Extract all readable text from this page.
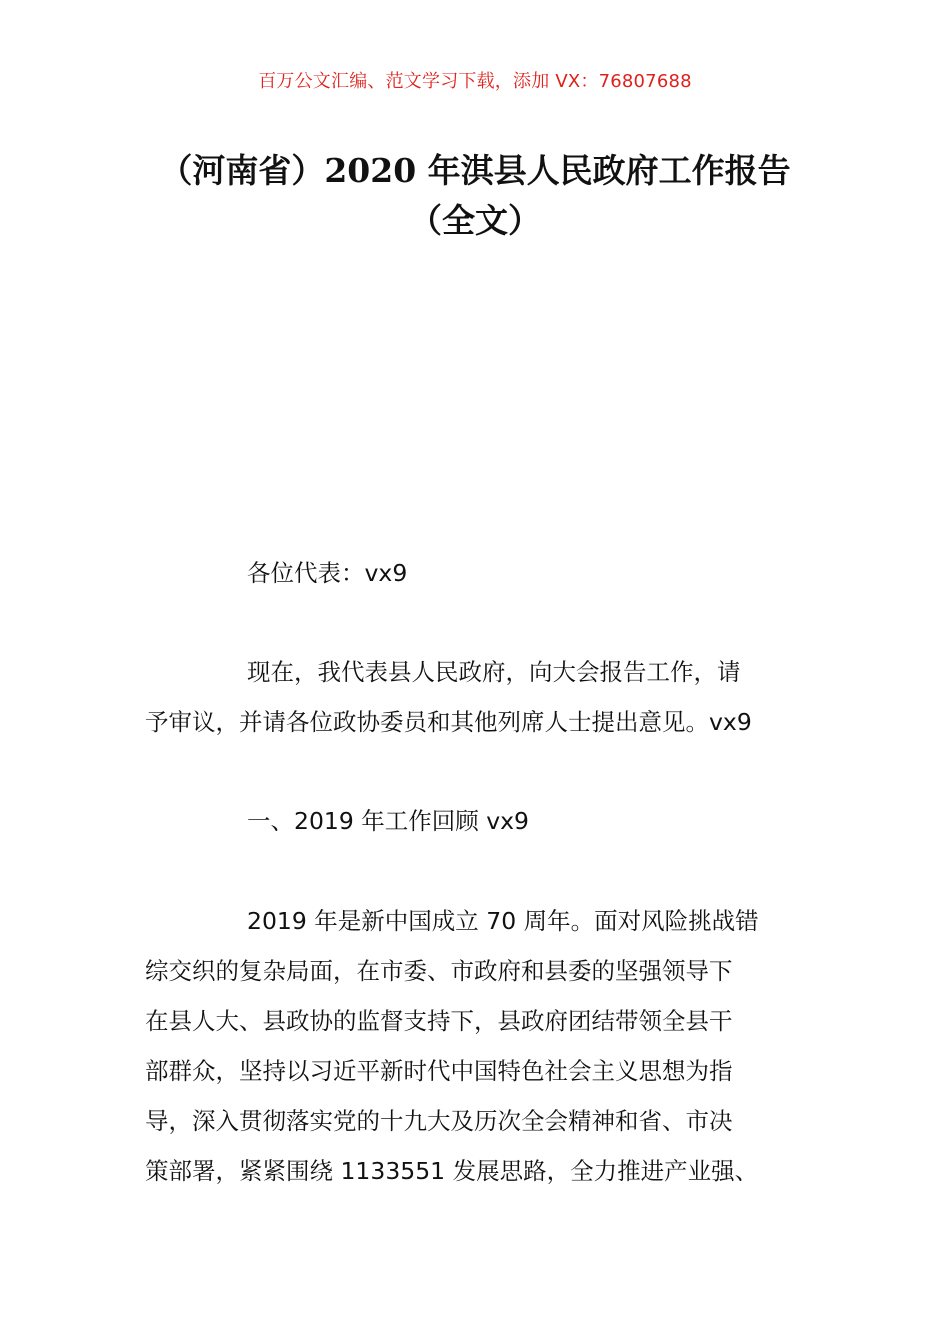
百万公文汇编、范文学习下载，添加 VX：76807688
（河南省）2020 年淇县人民政府工作报告
（全文）
各位代表：vx9
现在，我代表县人民政府，向大会报告工作，请
予审议，并请各位政协委员和其他列席人士提出意见。vx9
一、2019 年工作回顾 vx9
2019 年是新中国成立 70 周年。面对风险挑战错
综交织的复杂局面，在市委、市政府和县委的坚强领导下
在县人大、县政协的监督支持下，县政府团结带领全县干
部群众，坚持以习近平新时代中国特色社会主义思想为指
导，深入贯彻落实党的十九大及历次全会精神和省、市决
策部署，紧紧围绕 1133551 发展思路，全力推进产业强、
